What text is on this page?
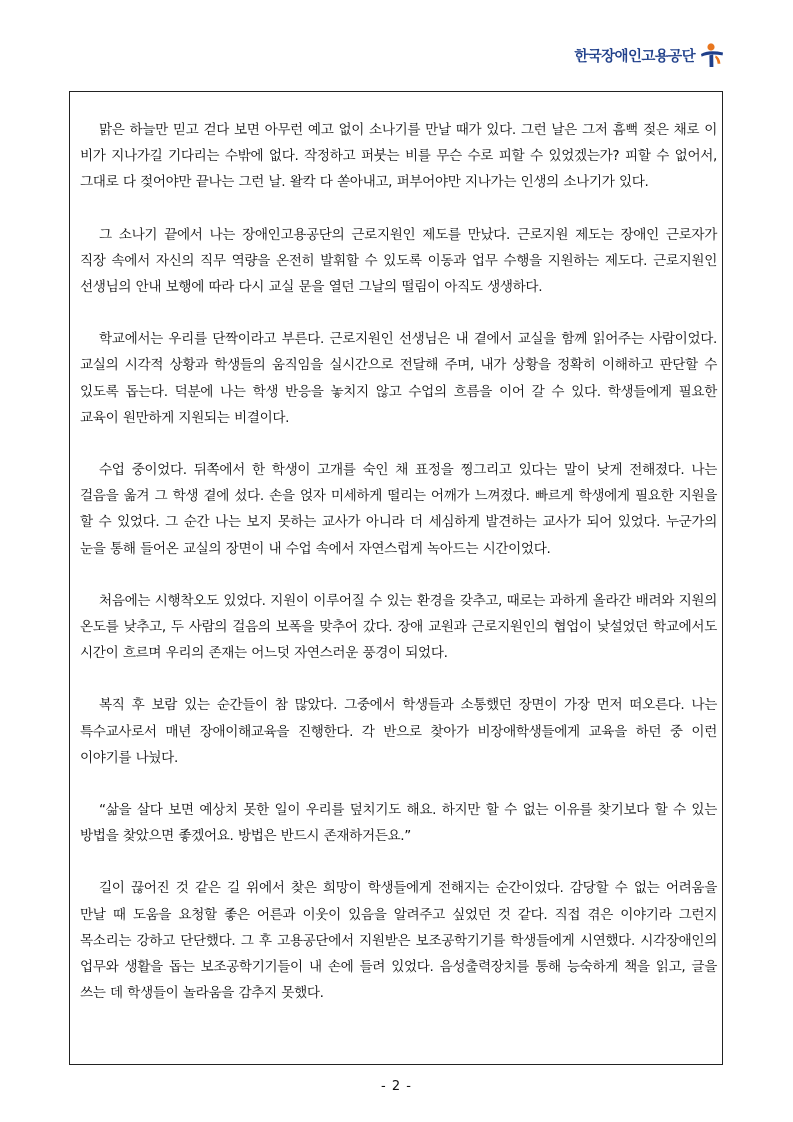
한국장애인고용공단

맑은 하늘만 믿고 걷다 보면 아무런 예고 없이 소나기를 만날 때가 있다. 그런 날은 그저 흠뻑 젖은 채로 이 비가 지나가길 기다리는 수밖에 없다. 작정하고 퍼붓는 비를 무슨 수로 피할 수 있었겠는가? 피할 수 없어서, 그대로 다 젖어야만 끝나는 그런 날. 왈칵 다 쏟아내고, 퍼부어야만 지나가는 인생의 소나기가 있다.

그 소나기 끝에서 나는 장애인고용공단의 근로지원인 제도를 만났다. 근로지원 제도는 장애인 근로자가 직장 속에서 자신의 직무 역량을 온전히 발휘할 수 있도록 이동과 업무 수행을 지원하는 제도다. 근로지원인 선생님의 안내 보행에 따라 다시 교실 문을 열던 그날의 떨림이 아직도 생생하다.

학교에서는 우리를 단짝이라고 부른다. 근로지원인 선생님은 내 곁에서 교실을 함께 읽어주는 사람이었다. 교실의 시각적 상황과 학생들의 움직임을 실시간으로 전달해 주며, 내가 상황을 정확히 이해하고 판단할 수 있도록 돕는다. 덕분에 나는 학생 반응을 놓치지 않고 수업의 흐름을 이어 갈 수 있다. 학생들에게 필요한 교육이 원만하게 지원되는 비결이다.

수업 중이었다. 뒤쪽에서 한 학생이 고개를 숙인 채 표정을 찡그리고 있다는 말이 낮게 전해졌다. 나는 걸음을 옮겨 그 학생 곁에 섰다. 손을 얹자 미세하게 떨리는 어깨가 느껴졌다. 빠르게 학생에게 필요한 지원을 할 수 있었다. 그 순간 나는 보지 못하는 교사가 아니라 더 세심하게 발견하는 교사가 되어 있었다. 누군가의 눈을 통해 들어온 교실의 장면이 내 수업 속에서 자연스럽게 녹아드는 시간이었다.

처음에는 시행착오도 있었다. 지원이 이루어질 수 있는 환경을 갖추고, 때로는 과하게 올라간 배려와 지원의 온도를 낮추고, 두 사람의 걸음의 보폭을 맞추어 갔다. 장애 교원과 근로지원인의 협업이 낯설었던 학교에서도 시간이 흐르며 우리의 존재는 어느덧 자연스러운 풍경이 되었다.

복직 후 보람 있는 순간들이 참 많았다. 그중에서 학생들과 소통했던 장면이 가장 먼저 떠오른다. 나는 특수교사로서 매년 장애이해교육을 진행한다. 각 반으로 찾아가 비장애학생들에게 교육을 하던 중 이런 이야기를 나눴다.

“삶을 살다 보면 예상치 못한 일이 우리를 덮치기도 해요. 하지만 할 수 없는 이유를 찾기보다 할 수 있는 방법을 찾았으면 좋겠어요. 방법은 반드시 존재하거든요.”

길이 끊어진 것 같은 길 위에서 찾은 희망이 학생들에게 전해지는 순간이었다. 감당할 수 없는 어려움을 만날 때 도움을 요청할 좋은 어른과 이웃이 있음을 알려주고 싶었던 것 같다. 직접 겪은 이야기라 그런지 목소리는 강하고 단단했다. 그 후 고용공단에서 지원받은 보조공학기기를 학생들에게 시연했다. 시각장애인의 업무와 생활을 돕는 보조공학기기들이 내 손에 들려 있었다. 음성출력장치를 통해 능숙하게 책을 읽고, 글을 쓰는 데 학생들이 놀라움을 감추지 못했다.

- 2 -
